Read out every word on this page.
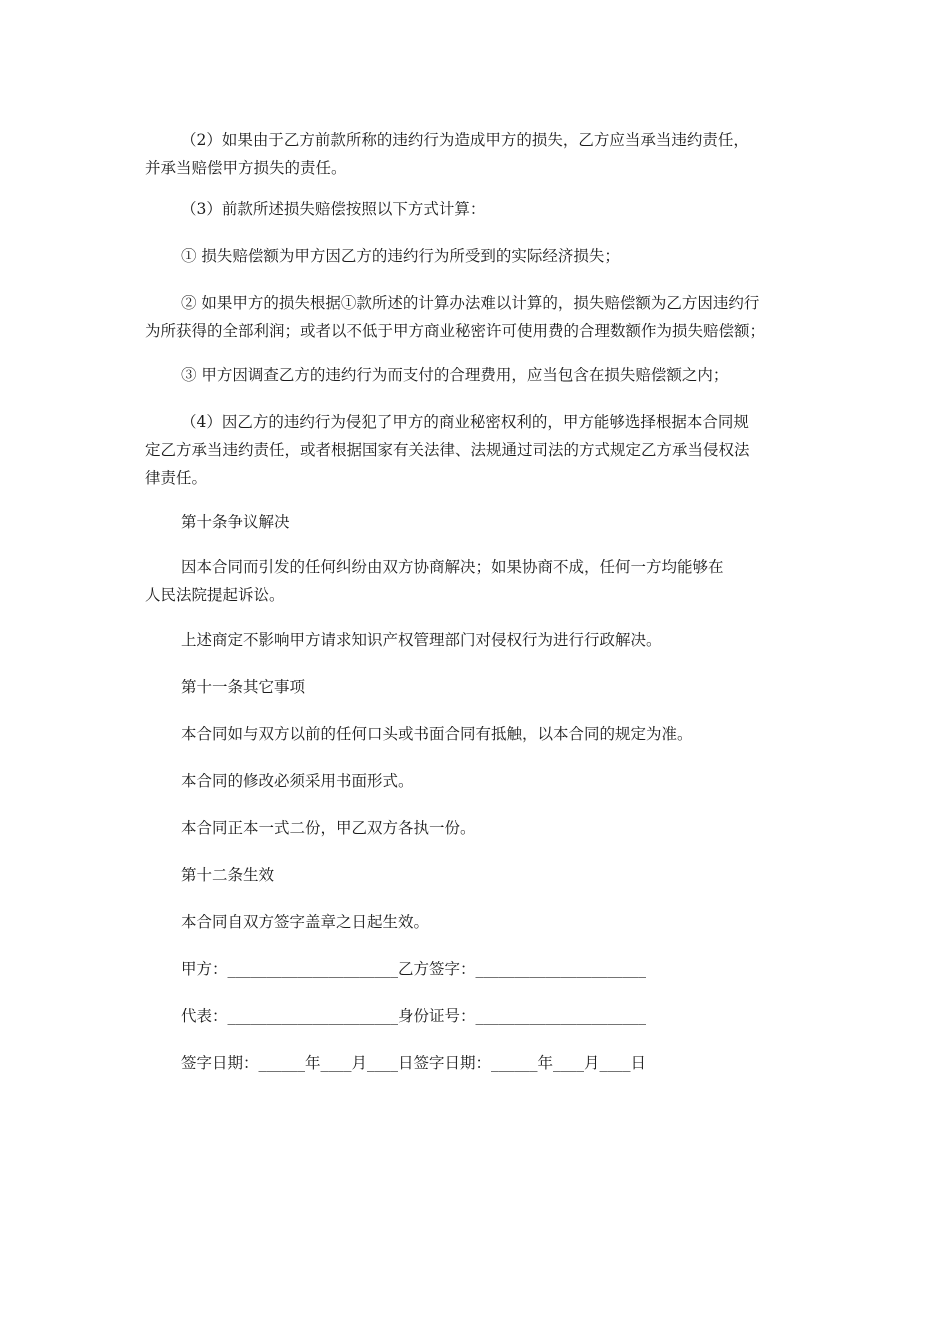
（2）如果由于乙方前款所称的违约行为造成甲方的损失，乙方应当承当违约责任，
并承当赔偿甲方损失的责任。

（3）前款所述损失赔偿按照以下方式计算：

① 损失赔偿额为甲方因乙方的违约行为所受到的实际经济损失；

② 如果甲方的损失根据①款所述的计算办法难以计算的，损失赔偿额为乙方因违约行
为所获得的全部利润；或者以不低于甲方商业秘密许可使用费的合理数额作为损失赔偿额；

③ 甲方因调查乙方的违约行为而支付的合理费用，应当包含在损失赔偿额之内；

（4）因乙方的违约行为侵犯了甲方的商业秘密权利的，甲方能够选择根据本合同规
定乙方承当违约责任，或者根据国家有关法律、法规通过司法的方式规定乙方承当侵权法
律责任。

第十条争议解决

因本合同而引发的任何纠纷由双方协商解决；如果协商不成，任何一方均能够在
人民法院提起诉讼。

上述商定不影响甲方请求知识产权管理部门对侵权行为进行行政解决。
第十一条其它事项
本合同如与双方以前的任何口头或书面合同有抵触，以本合同的规定为准。
本合同的修改必须采用书面形式。
本合同正本一式二份，甲乙双方各执一份。
第十二条生效
本合同自双方签字盖章之日起生效。
甲方：______________________乙方签字：______________________
代表：______________________身份证号：______________________
签字日期：______年____月____日签字日期：______年____月____日
